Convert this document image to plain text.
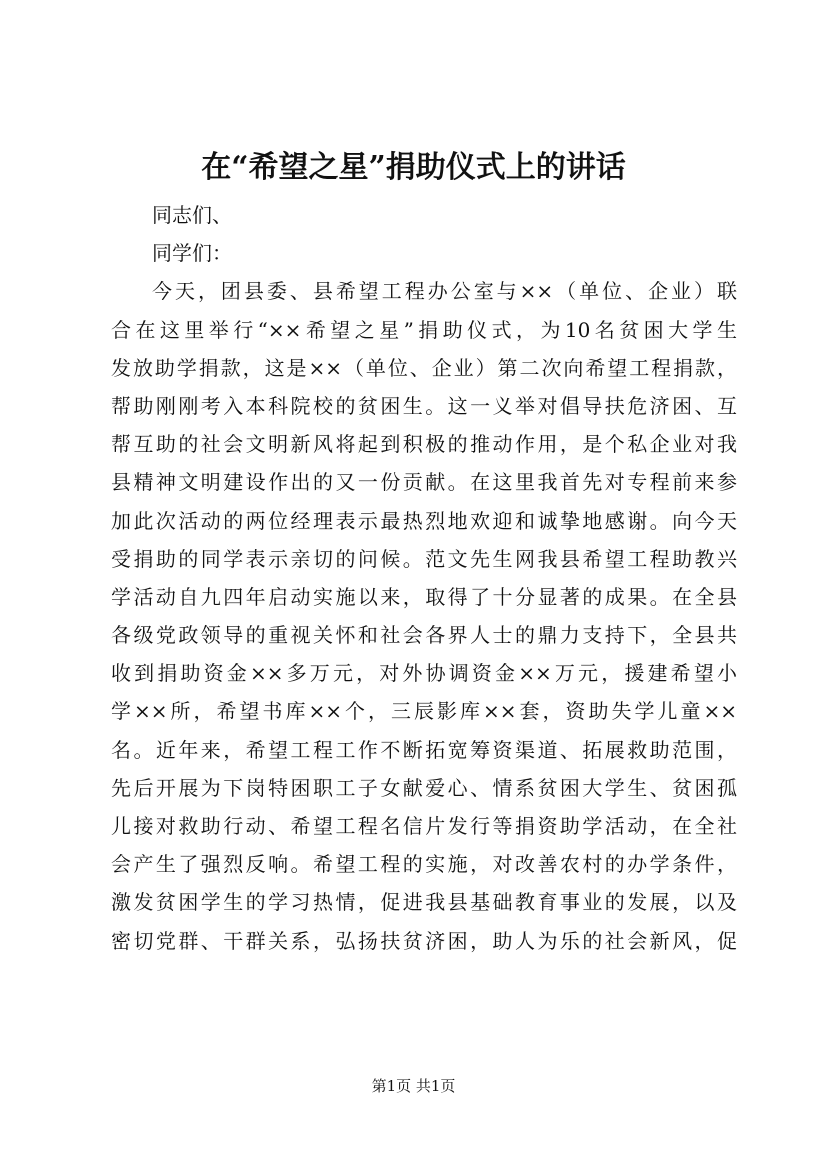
在“希望之星”捐助仪式上的讲话

同志们、

同学们：

今天，团县委、县希望工程办公室与××（单位、企业）联

合在这里举行“××希望之星”捐助仪式，为10名贫困大学生

发放助学捐款，这是××（单位、企业）第二次向希望工程捐款，

帮助刚刚考入本科院校的贫困生。这一义举对倡导扶危济困、互

帮互助的社会文明新风将起到积极的推动作用，是个私企业对我

县精神文明建设作出的又一份贡献。在这里我首先对专程前来参

加此次活动的两位经理表示最热烈地欢迎和诚挚地感谢。向今天

受捐助的同学表示亲切的问候。范文先生网我县希望工程助教兴

学活动自九四年启动实施以来，取得了十分显著的成果。在全县

各级党政领导的重视关怀和社会各界人士的鼎力支持下，全县共

收到捐助资金××多万元，对外协调资金××万元，援建希望小

学××所，希望书库××个，三辰影库××套，资助失学儿童××

名。近年来，希望工程工作不断拓宽筹资渠道、拓展救助范围，

先后开展为下岗特困职工子女献爱心、情系贫困大学生、贫困孤

儿接对救助行动、希望工程名信片发行等捐资助学活动，在全社

会产生了强烈反响。希望工程的实施，对改善农村的办学条件，

激发贫困学生的学习热情，促进我县基础教育事业的发展，以及

密切党群、干群关系，弘扬扶贫济困，助人为乐的社会新风，促

第1页 共1页
